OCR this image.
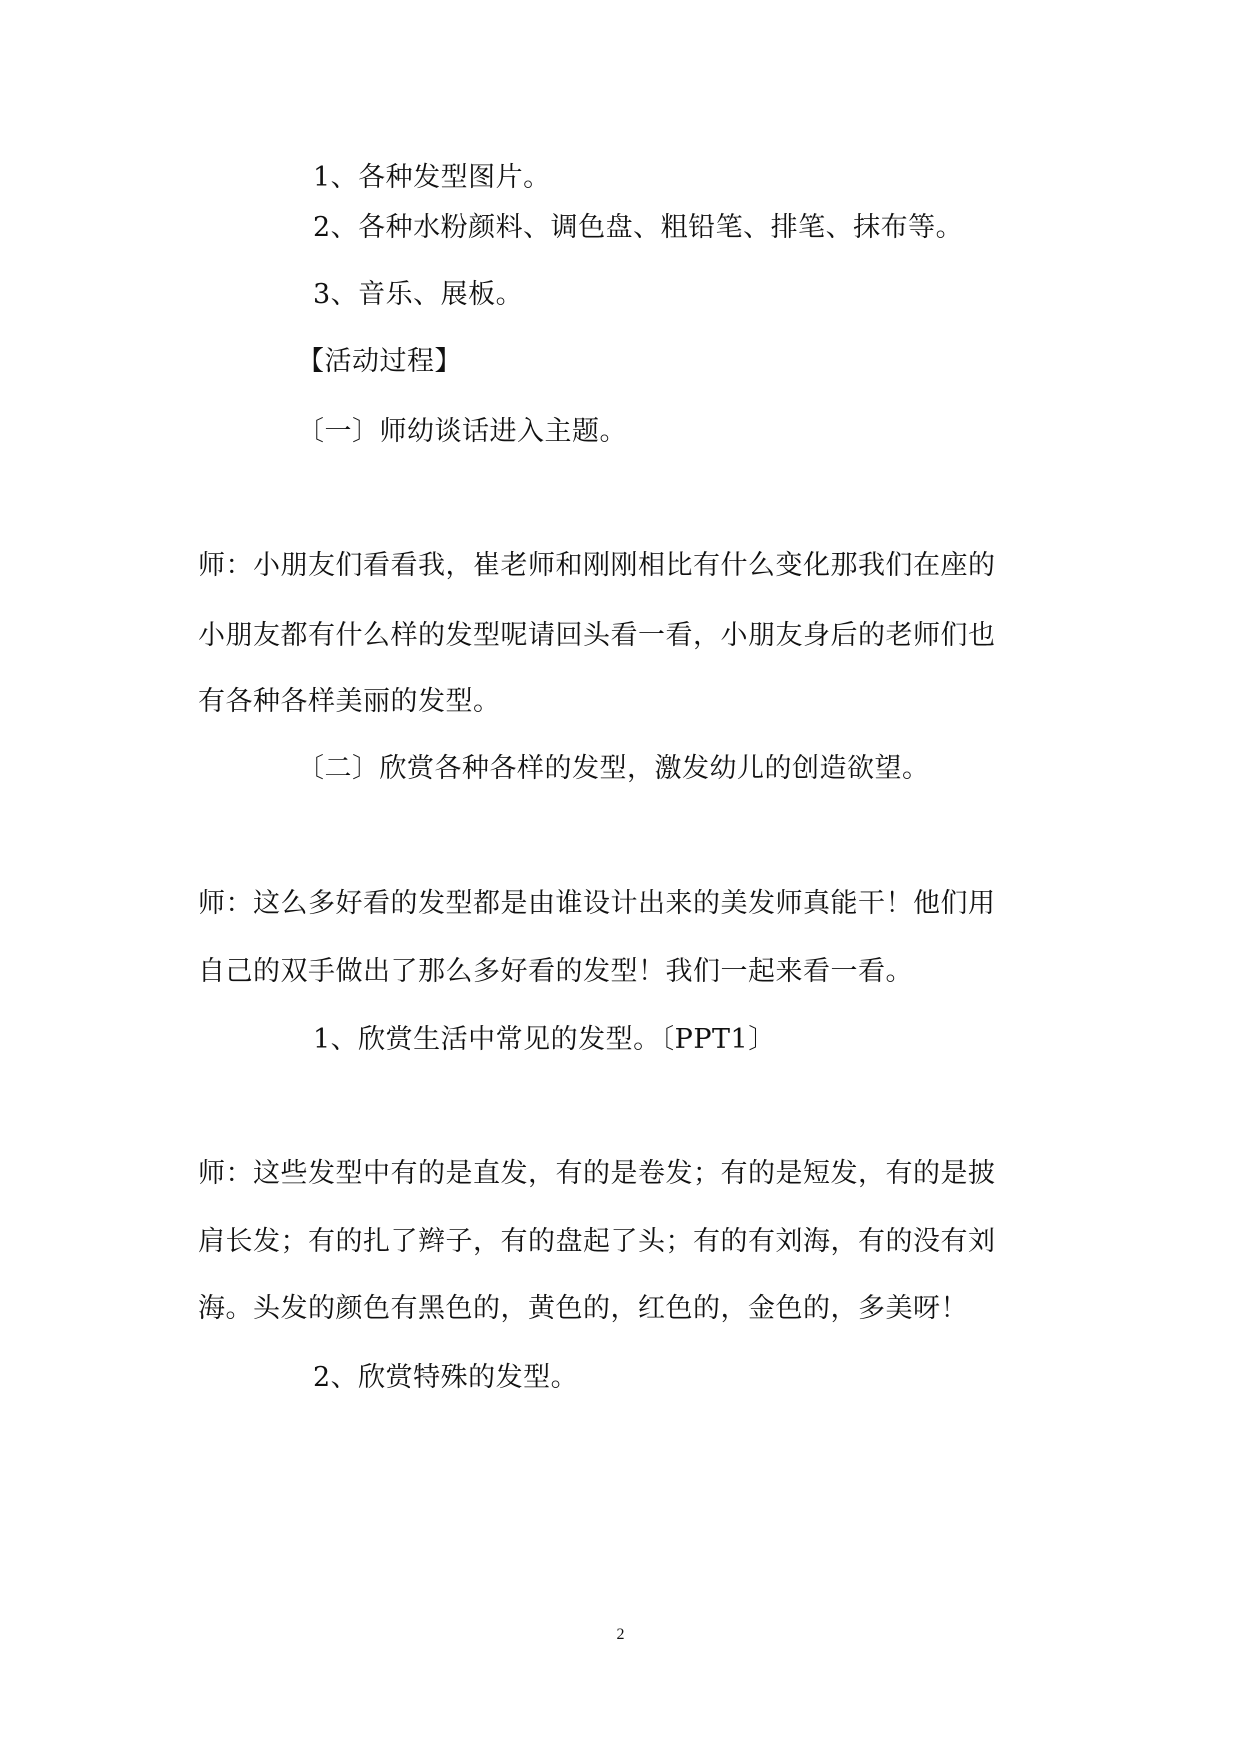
1、各种发型图片。
2、各种水粉颜料、调色盘、粗铅笔、排笔、抹布等。
3、音乐、展板。
【活动过程】
〔一〕师幼谈话进入主题。
师：小朋友们看看我，崔老师和刚刚相比有什么变化那我们在座的
小朋友都有什么样的发型呢请回头看一看，小朋友身后的老师们也
有各种各样美丽的发型。
〔二〕欣赏各种各样的发型，激发幼儿的创造欲望。
师：这么多好看的发型都是由谁设计出来的美发师真能干！他们用
自己的双手做出了那么多好看的发型！我们一起来看一看。
1、欣赏生活中常见的发型。〔PPT1〕
师：这些发型中有的是直发，有的是卷发；有的是短发，有的是披
肩长发；有的扎了辫子，有的盘起了头；有的有刘海，有的没有刘
海。头发的颜色有黑色的，黄色的，红色的，金色的，多美呀！
2、欣赏特殊的发型。
2
